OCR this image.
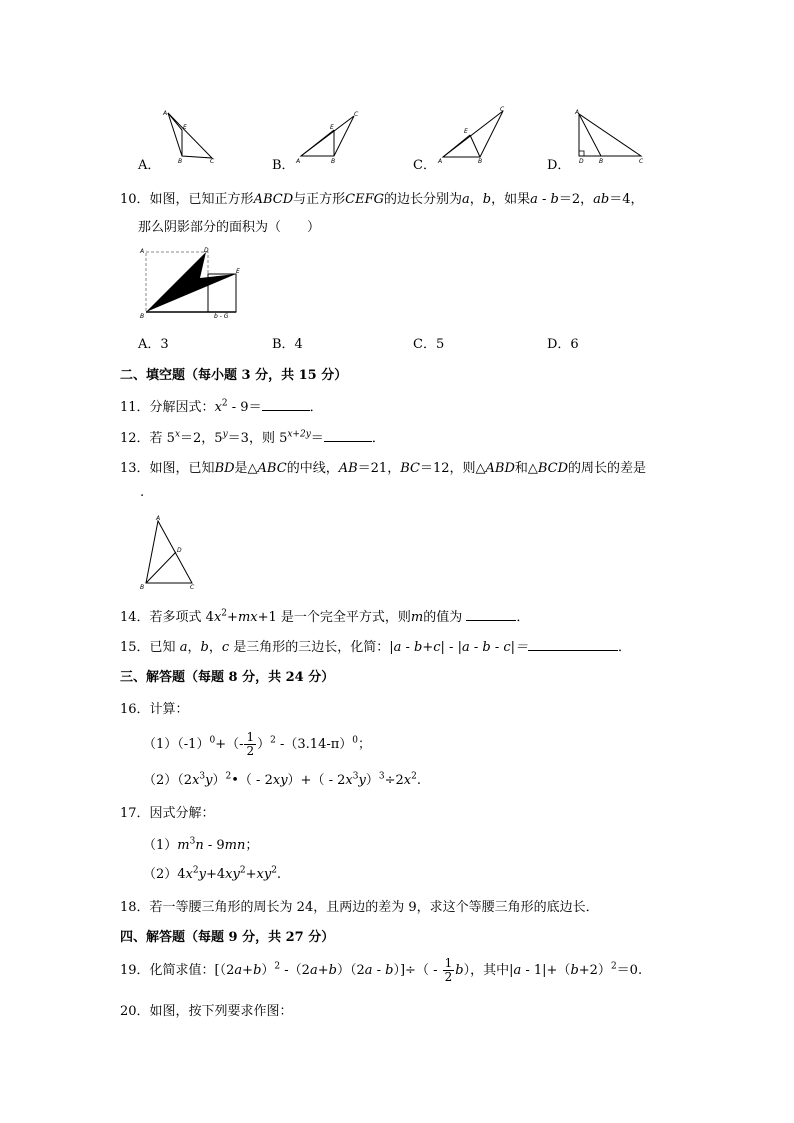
A
E
B	C
A．
E
C
A	B
B．
E
C
A	B
C．
A
D	B	C
D．
10．如图，已知正方形ABCD与正方形CEFG的边长分别为a，b，如果a - b＝2，ab＝4，
那么阴影部分的面积为（　　）
A	D
E
B	b - G
A．3	B．4	C．5	D．6
二、填空题（每小题 3 分，共 15 分）
11．分解因式：$x^2 - 9=$	．
12．若 $5^x=2$，$5^y=3$，则 $5^{x+2y}=$	．
13．如图，已知BD是△ABC的中线，AB＝21，BC＝12，则△ABD和△BCD的周长的差是
.
A
D
B	C
14．若多项式 $4x^2+mx+1$ 是一个完全平方式，则m的值为	．
15．已知 a，b，c 是三角形的三边长，化简：|a - b+c| - |a - b - c|＝	．
三、解答题（每题 8 分，共 24 分）
16．计算：
$(1)(-1)^0+(- \frac{1}{2} )^2$ $-(3.14-\pi)^0$；
$(2)(2x^3y)^2•( - 2xy)+( - 2x^3y)^3\div 2x^2$.
17．因式分解：
$(1)m^3n - 9mn$；
$(2)4x^2y+4xy^2+xy^2$.
18．若一等腰三角形的周长为 24，且两边的差为 9，求这个等腰三角形的底边长．
四、解答题（每题 9 分，共 27 分）
19．化简求值：[$(2a+b)^2$ $-(2a+b)(2a - b)]\div( - \frac{1}{2} b)$，其中$|a - 1|+(b+2)^2=0$.
20．如图，按下列要求作图：
